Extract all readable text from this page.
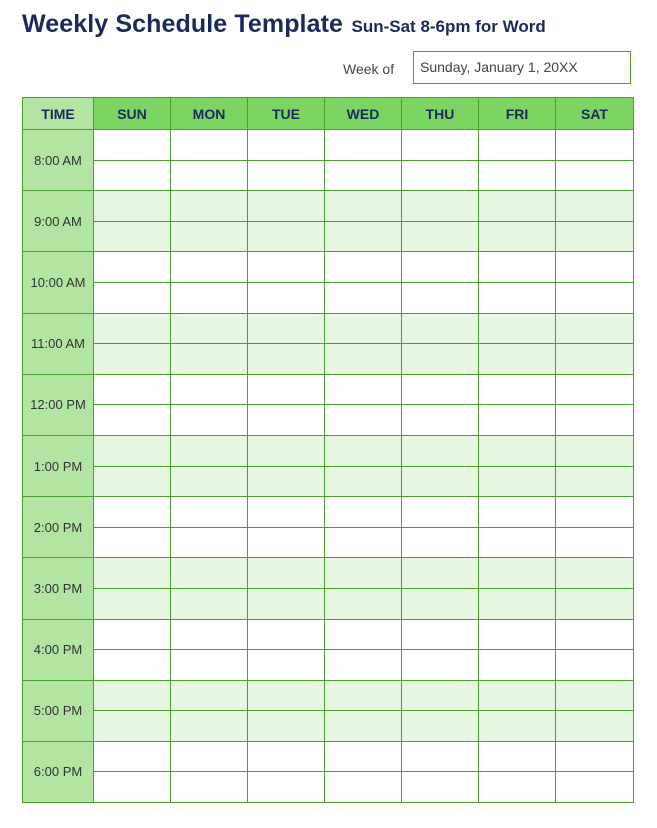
Weekly Schedule Template Sun-Sat 8-6pm for Word
Week of	Sunday, January 1, 20XX
TIME	SUN	MON	TUE	WED	THU	FRI	SAT
8:00 AM							

9:00 AM							

10:00 AM							

11:00 AM							

12:00 PM							

1:00 PM							

2:00 PM							

3:00 PM							

4:00 PM							

5:00 PM							

6:00 PM							
